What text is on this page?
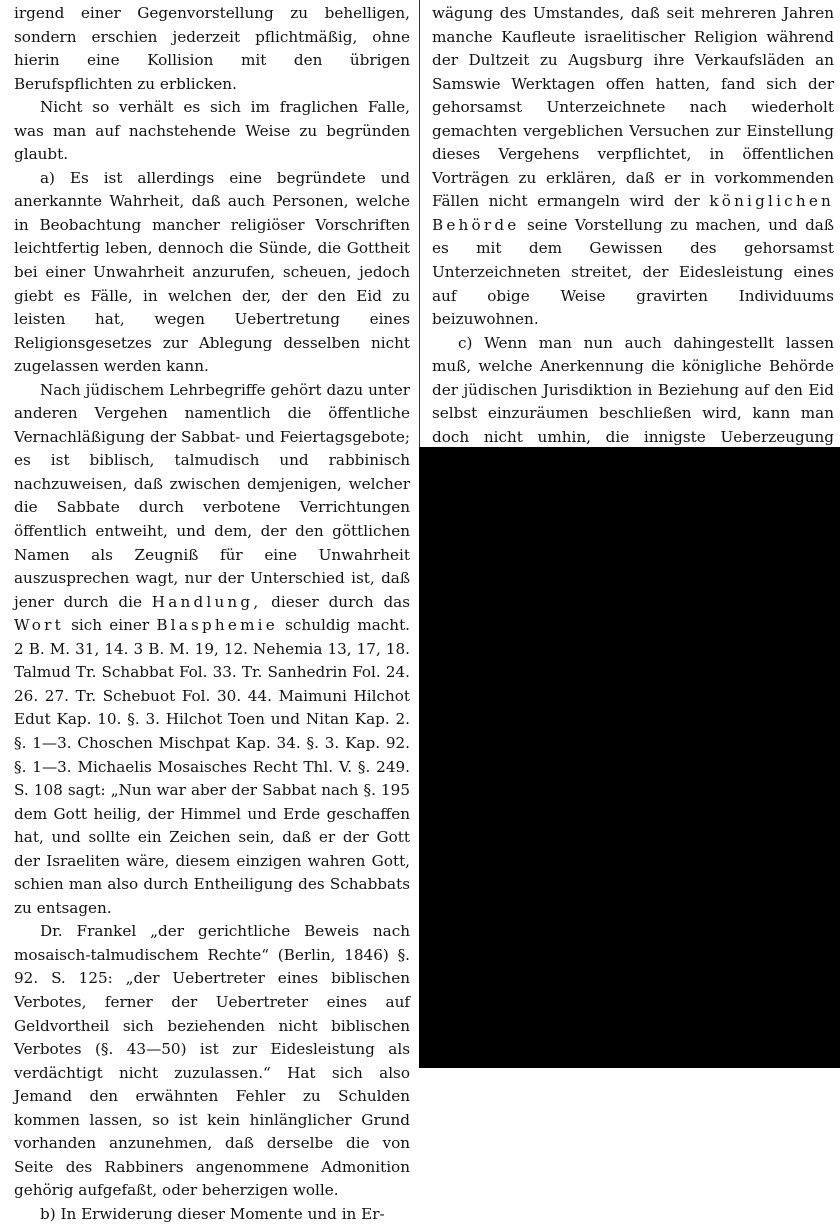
irgend einer Gegenvorstellung zu behelligen, sondern erschien jederzeit pflichtmäßig, ohne hierin eine Kollision mit den übrigen Berufspflichten zu erblicken.

Nicht so verhält es sich im fraglichen Falle, was man auf nachstehende Weise zu begründen glaubt.

a) Es ist allerdings eine begründete und anerkannte Wahrheit, daß auch Personen, welche in Beobachtung mancher religiöser Vorschriften leichtfertig leben, dennoch die Sünde, die Gottheit bei einer Unwahrheit anzurufen, scheuen, jedoch giebt es Fälle, in welchen der, der den Eid zu leisten hat, wegen Uebertretung eines Religionsgesetzes zur Ablegung desselben nicht zugelassen werden kann.

Nach jüdischem Lehrbegriffe gehört dazu unter anderen Vergehen namentlich die öffentliche Vernachläßigung der Sabbat- und Feiertagsgebote; es ist biblisch, talmudisch und rabbinisch nachzuweisen, daß zwischen demjenigen, welcher die Sabbate durch verbotene Verrichtungen öffentlich entweiht, und dem, der den göttlichen Namen als Zeugniß für eine Unwahrheit auszusprechen wagt, nur der Unterschied ist, daß jener durch die Handlung, dieser durch das Wort sich einer Blasphemie schuldig macht. 2 B. M. 31, 14. 3 B. M. 19, 12. Nehemia 13, 17, 18. Talmud Tr. Schabbat Fol. 33. Tr. Sanhedrin Fol. 24. 26. 27. Tr. Schebuot Fol. 30. 44. Maimuni Hilchot Edut Kap. 10. §. 3. Hilchot Toen und Nitan Kap. 2. §. 1—3. Choschen Mischpat Kap. 34. §. 3. Kap. 92. §. 1—3. Michaelis Mosaisches Recht Thl. V. §. 249. S. 108 sagt: „Nun war aber der Sabbat nach §. 195 dem Gott heilig, der Himmel und Erde geschaffen hat, und sollte ein Zeichen sein, daß er der Gott der Israeliten wäre, diesem einzigen wahren Gott, schien man also durch Entheiligung des Schabbats zu entsagen.

Dr. Frankel „der gerichtliche Beweis nach mosaisch-talmudischem Rechte“ (Berlin, 1846) §. 92. S. 125: „der Uebertreter eines biblischen Verbotes, ferner der Uebertreter eines auf Geldvortheil sich beziehenden nicht biblischen Verbotes (§. 43—50) ist zur Eidesleistung als verdächtigt nicht zuzulassen.“ Hat sich also Jemand den erwähnten Fehler zu Schulden kommen lassen, so ist kein hinlänglicher Grund vorhanden anzunehmen, daß derselbe die von Seite des Rabbiners angenommene Admonition gehörig aufgefaßt, oder beherzigen wolle.

b) In Erwiderung dieser Momente und in Er-

wägung des Umstandes, daß seit mehreren Jahren manche Kaufleute israelitischer Religion während der Dultzeit zu Augsburg ihre Verkaufsläden an Samswie Werktagen offen hatten, fand sich der gehorsamst Unterzeichnete nach wiederholt gemachten vergeblichen Versuchen zur Einstellung dieses Vergehens verpflichtet, in öffentlichen Vorträgen zu erklären, daß er in vorkommenden Fällen nicht ermangeln wird der königlichen Behörde seine Vorstellung zu machen, und daß es mit dem Gewissen des gehorsamst Unterzeichneten streitet, der Eidesleistung eines auf obige Weise gravirten Individuums beizuwohnen.

c) Wenn man nun auch dahingestellt lassen muß, welche Anerkennung die königliche Behörde der jüdischen Jurisdiktion in Beziehung auf den Eid selbst einzuräumen beschließen wird, kann man doch nicht umhin, die innigste Ueberzeugung
